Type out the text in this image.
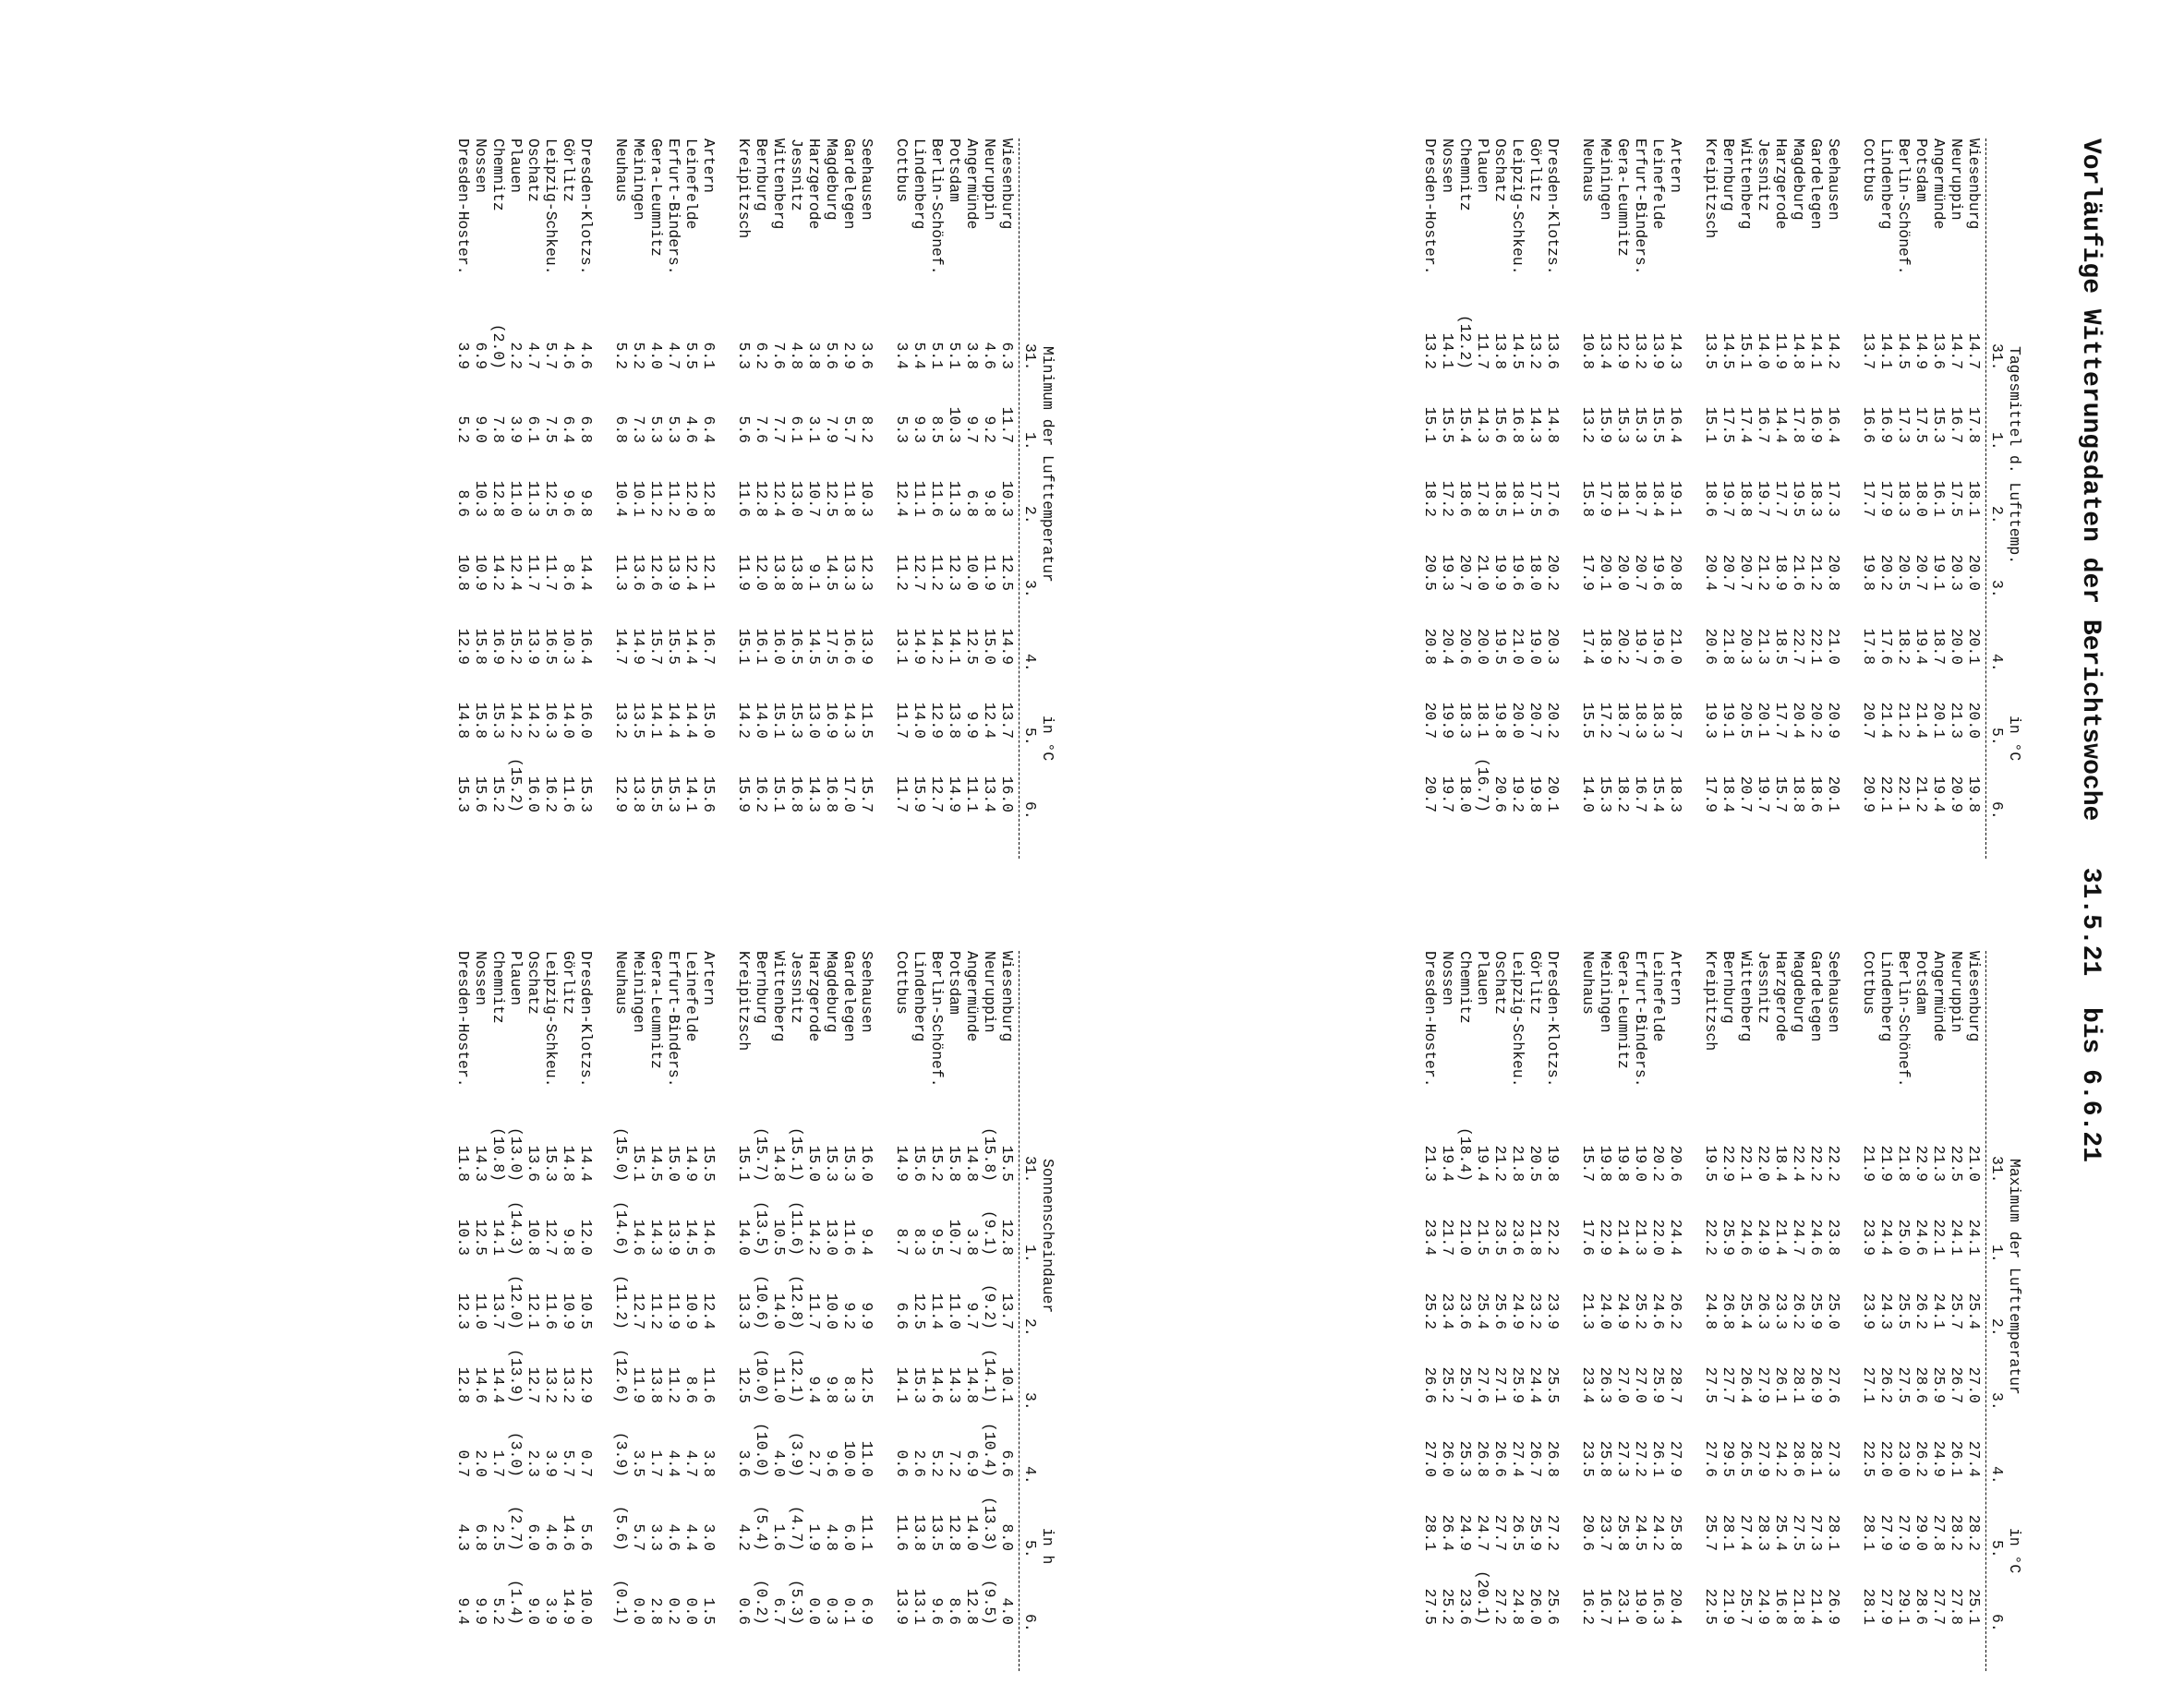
Vorläufige Witterungsdaten der Berichtswoche   31.5.21  bis 6.6.21
Tagesmittel d. Lufttemp.
in °C
31.
1.
2.
3.
4.
5.
6.
Wiesenburg
14.7
17.8
18.1
20.0
20.1
20.0
19.8
Neuruppin
14.7
16.7
17.5
20.3
20.0
21.3
20.9
Angermünde
13.6
15.3
16.1
19.1
18.7
20.1
19.4
Potsdam
14.9
17.5
18.0
20.7
19.4
21.4
21.2
Berlin-Schönef.
14.5
17.3
18.3
20.5
18.2
21.2
22.1
Lindenberg
14.1
16.9
17.9
20.2
17.6
21.4
22.1
Cottbus
13.7
16.6
17.7
19.8
17.8
20.7
20.9
Seehausen
14.2
16.4
17.3
20.8
21.0
20.9
20.1
Gardelegen
14.1
16.9
18.3
21.2
22.1
20.2
18.6
Magdeburg
14.8
17.8
19.5
21.6
22.7
20.4
18.8
Harzgerode
11.9
14.4
17.7
18.9
18.5
17.7
15.7
Jessnitz
14.0
16.7
19.7
21.2
21.3
20.1
19.7
Wittenberg
15.1
17.4
18.8
20.7
20.3
20.5
20.7
Bernburg
14.5
17.5
19.7
20.7
21.8
19.1
18.4
Kreipitzsch
13.5
15.1
18.6
20.4
20.6
19.3
17.9
Artern
14.3
16.4
19.1
20.8
21.0
18.7
18.3
Leinefelde
13.9
15.5
18.4
19.6
19.6
18.3
15.4
Erfurt-Binders.
13.2
15.3
18.7
20.7
19.7
18.3
16.7
Gera-Leumnitz
12.9
15.3
18.1
20.0
20.2
18.7
18.2
Meiningen
13.4
15.9
17.9
20.1
18.9
17.2
15.3
Neuhaus
10.8
13.2
15.8
17.9
17.4
15.5
14.0
Dresden-Klotzs.
13.6
14.8
17.6
20.2
20.3
20.2
20.1
Görlitz
13.2
14.3
17.5
18.0
19.0
20.7
19.8
Leipzig-Schkeu.
14.5
16.8
18.1
19.6
21.0
20.0
19.2
Oschatz
13.8
15.6
18.5
19.9
19.5
19.8
20.6
Plauen
11.7
14.3
17.8
21.0
20.0
18.1
(16.7)
Chemnitz
(12.2)
15.4
18.6
20.7
20.6
18.3
18.0
Nossen
14.1
15.5
17.2
19.3
20.4
19.9
19.7
Dresden-Hoster.
13.2
15.1
18.2
20.5
20.8
20.7
20.7
Maximum der Lufttemperatur
in °C
31.
1.
2.
3.
4.
5.
6.
Wiesenburg
21.0
24.1
25.4
27.0
27.4
28.2
25.1
Neuruppin
22.5
24.1
25.7
26.7
26.1
28.2
27.8
Angermünde
21.3
22.1
24.1
25.9
24.9
27.8
27.7
Potsdam
22.9
24.6
26.2
28.6
26.2
29.0
28.6
Berlin-Schönef.
21.8
25.0
25.5
27.5
23.0
27.9
29.1
Lindenberg
21.9
24.4
24.3
26.2
22.0
27.9
27.9
Cottbus
21.9
23.9
23.9
27.1
22.5
28.1
28.1
Seehausen
22.2
23.8
25.0
27.6
27.3
28.1
26.9
Gardelegen
22.2
24.6
25.9
26.9
28.1
27.3
21.4
Magdeburg
22.4
24.7
26.2
28.1
28.6
27.5
21.8
Harzgerode
18.4
21.4
23.3
26.1
24.2
25.4
16.8
Jessnitz
22.0
24.9
26.3
27.9
27.9
28.3
24.9
Wittenberg
22.1
24.6
25.4
26.4
26.5
27.4
25.7
Bernburg
22.9
25.9
26.8
27.7
29.5
28.1
21.9
Kreipitzsch
19.5
22.2
24.8
27.5
27.6
25.7
22.5
Artern
20.6
24.4
26.2
28.7
27.9
25.8
20.4
Leinefelde
20.2
22.0
24.6
25.9
26.1
24.2
16.3
Erfurt-Binders.
19.0
21.3
25.2
27.0
27.2
24.5
19.0
Gera-Leumnitz
19.8
21.4
24.9
27.0
27.3
25.8
23.1
Meiningen
19.8
22.9
24.0
26.3
25.8
23.7
16.7
Neuhaus
15.7
17.6
21.3
23.4
23.5
20.6
16.2
Dresden-Klotzs.
19.8
22.2
23.9
25.5
26.8
27.2
25.6
Görlitz
20.5
21.8
23.2
24.4
26.7
25.9
26.0
Leipzig-Schkeu.
21.8
23.6
24.9
25.9
27.4
26.5
24.8
Oschatz
21.2
23.5
25.6
27.1
26.6
27.7
27.2
Plauen
19.4
21.5
25.4
27.6
26.8
24.7
(20.1)
Chemnitz
(18.4)
21.0
23.6
25.7
25.3
24.9
23.6
Nossen
19.4
21.7
23.4
25.2
26.0
26.4
25.2
Dresden-Hoster.
21.3
23.4
25.2
26.6
27.0
28.1
27.5
Minimum der Lufttemperatur
in °C
31.
1.
2.
3.
4.
5.
6.
Wiesenburg
6.3
11.7
10.3
12.5
14.9
13.7
16.0
Neuruppin
4.6
9.2
9.8
11.9
15.0
12.4
13.4
Angermünde
3.8
9.7
6.8
10.0
12.5
9.9
11.1
Potsdam
5.1
10.3
11.3
12.3
14.1
13.8
14.9
Berlin-Schönef.
5.1
8.5
11.6
11.2
14.2
12.9
12.7
Lindenberg
5.4
9.3
11.1
12.7
14.9
14.0
15.9
Cottbus
3.4
5.3
12.4
11.2
13.1
11.7
11.7
Seehausen
3.6
8.2
10.3
12.3
13.9
11.5
15.7
Gardelegen
2.9
5.7
11.8
13.3
16.6
14.3
17.0
Magdeburg
5.6
7.9
12.5
14.5
17.5
16.9
16.8
Harzgerode
3.8
3.1
10.7
9.1
14.5
13.0
14.3
Jessnitz
4.8
6.1
13.0
13.8
16.5
15.3
16.8
Wittenberg
7.6
7.7
12.4
13.8
16.0
15.1
15.1
Bernburg
6.2
7.6
12.8
12.0
16.1
14.0
16.2
Kreipitzsch
5.3
5.6
11.6
11.9
15.1
14.2
15.9
Artern
6.1
6.4
12.8
12.1
16.7
15.0
15.6
Leinefelde
5.5
4.6
12.0
12.4
14.4
14.4
14.1
Erfurt-Binders.
4.7
5.3
11.2
13.9
15.5
14.4
15.3
Gera-Leumnitz
4.0
5.3
11.2
12.6
15.7
14.1
15.5
Meiningen
5.2
7.3
10.1
13.6
14.9
13.5
13.8
Neuhaus
5.2
6.8
10.4
11.3
14.7
13.2
12.9
Dresden-Klotzs.
4.6
6.8
9.8
14.4
16.4
16.0
15.3
Görlitz
4.6
6.4
9.6
8.6
10.3
14.0
11.6
Leipzig-Schkeu.
5.7
7.5
12.5
11.7
16.5
16.3
16.2
Oschatz
4.7
6.1
11.3
11.7
13.9
14.2
16.0
Plauen
2.2
3.9
11.0
12.4
15.2
14.2
(15.2)
Chemnitz
(2.0)
7.8
12.8
14.2
16.9
15.3
15.2
Nossen
6.9
9.0
10.3
10.9
15.8
15.8
15.6
Dresden-Hoster.
3.9
5.2
8.6
10.8
12.9
14.8
15.3
Sonnenscheindauer
in h
31.
1.
2.
3.
4.
5.
6.
Wiesenburg
15.5
12.8
13.7
10.1
6.6
8.0
4.0
Neuruppin
(15.8)
(9.1)
(9.2)
(14.1)
(10.4)
(13.3)
(9.5)
Angermünde
14.8
3.8
9.7
14.8
6.9
14.0
12.8
Potsdam
15.8
10.7
11.0
14.3
7.2
12.8
8.6
Berlin-Schönef.
15.2
9.5
11.4
14.6
5.2
13.5
9.6
Lindenberg
15.6
8.3
12.5
15.3
2.6
13.8
13.1
Cottbus
14.9
8.7
6.6
14.1
0.6
11.6
13.9
Seehausen
16.0
9.4
9.9
12.5
11.0
11.1
6.9
Gardelegen
15.3
11.6
9.2
8.3
10.0
6.0
0.1
Magdeburg
15.3
13.0
10.0
9.8
9.6
4.8
0.3
Harzgerode
15.0
14.2
11.7
9.4
2.7
1.9
0.0
Jessnitz
(15.1)
(11.6)
(12.8)
(12.1)
(3.9)
(4.7)
(5.3)
Wittenberg
14.8
10.5
14.0
11.0
4.0
1.6
6.7
Bernburg
(15.7)
(13.5)
(10.6)
(10.0)
(10.0)
(5.4)
(0.2)
Kreipitzsch
15.1
14.0
13.3
12.5
3.6
4.2
0.6
Artern
15.5
14.6
12.4
11.6
3.8
3.0
1.5
Leinefelde
14.9
14.5
10.9
8.6
4.7
4.4
0.0
Erfurt-Binders.
15.0
13.9
11.9
11.2
4.4
4.6
0.2
Gera-Leumnitz
14.5
14.3
11.2
13.8
1.7
3.3
2.8
Meiningen
15.1
14.6
12.7
11.9
3.5
5.7
0.0
Neuhaus
(15.0)
(14.6)
(11.2)
(12.6)
(3.9)
(5.6)
(0.1)
Dresden-Klotzs.
14.4
12.0
10.5
12.9
0.7
5.6
10.0
Görlitz
14.8
9.8
10.9
13.2
5.7
14.6
14.9
Leipzig-Schkeu.
15.3
12.7
11.6
13.2
3.9
4.6
3.9
Oschatz
13.6
10.8
12.1
12.7
2.3
6.0
9.0
Plauen
(13.0)
(14.3)
(12.0)
(13.9)
(3.0)
(2.7)
(1.4)
Chemnitz
(10.8)
14.1
13.7
14.4
1.7
2.5
5.2
Nossen
14.3
12.5
11.0
14.6
2.0
6.8
9.9
Dresden-Hoster.
11.8
10.3
12.3
12.8
0.7
4.3
9.4
